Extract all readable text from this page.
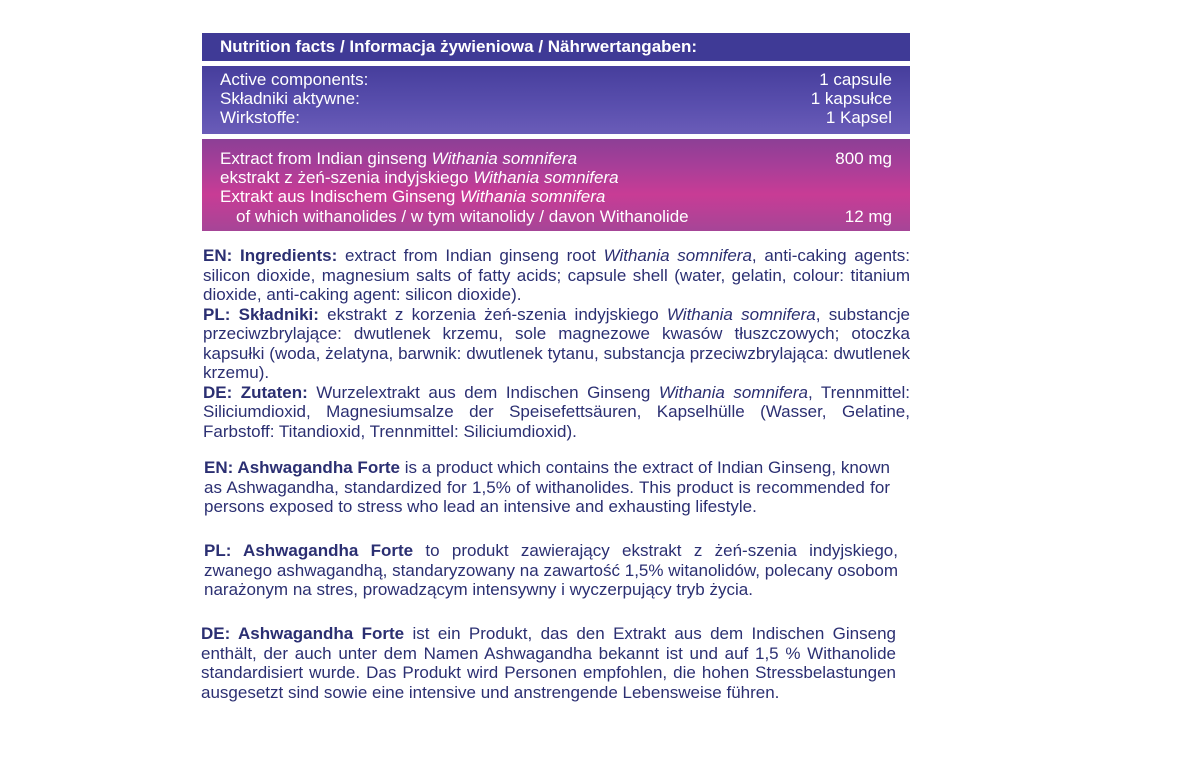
Nutrition facts / Informacja żywieniowa / Nährwertangaben:
Active components:	1 capsule
Składniki aktywne:	1 kapsułce
Wirkstoffe:	1 Kapsel
Extract from Indian ginseng Withania somnifera	800 mg
ekstrakt z żeń-szenia indyjskiego Withania somnifera
Extrakt aus Indischem Ginseng Withania somnifera
of which withanolides / w tym witanolidy / davon Withanolide	12 mg
EN: Ingredients: extract from Indian ginseng root Withania somnifera, anti-caking agents: silicon dioxide, magnesium salts of fatty acids; capsule shell (water, gelatin, colour: titanium dioxide, anti-caking agent: silicon dioxide).
PL: Składniki: ekstrakt z korzenia żeń-szenia indyjskiego Withania somnifera, substancje przeciwzbrylające: dwutlenek krzemu, sole magnezowe kwasów tłuszczowych; otoczka kapsułki (woda, żelatyna, barwnik: dwutlenek tytanu, substancja przeciwzbrylająca: dwutlenek krzemu).
DE: Zutaten: Wurzelextrakt aus dem Indischen Ginseng Withania somnifera, Trennmittel: Siliciumdioxid, Magnesiumsalze der Speisefettsäuren, Kapselhülle (Wasser, Gelatine, Farbstoff: Titandioxid, Trennmittel: Siliciumdioxid).
EN: Ashwagandha Forte is a product which contains the extract of Indian Ginseng, known as Ashwagandha, standardized for 1,5% of withanolides. This product is recommended for persons exposed to stress who lead an intensive and exhausting lifestyle.
PL: Ashwagandha Forte to produkt zawierający ekstrakt z żeń-szenia indyjskiego, zwanego ashwagandhą, standaryzowany na zawartość 1,5% witanolidów, polecany osobom narażonym na stres, prowadzącym intensywny i wyczerpujący tryb życia.
DE: Ashwagandha Forte ist ein Produkt, das den Extrakt aus dem Indischen Ginseng enthält, der auch unter dem Namen Ashwagandha bekannt ist und auf 1,5 % Withanolide standardisiert wurde. Das Produkt wird Personen empfohlen, die hohen Stressbelastungen ausgesetzt sind sowie eine intensive und anstrengende Lebensweise führen.
